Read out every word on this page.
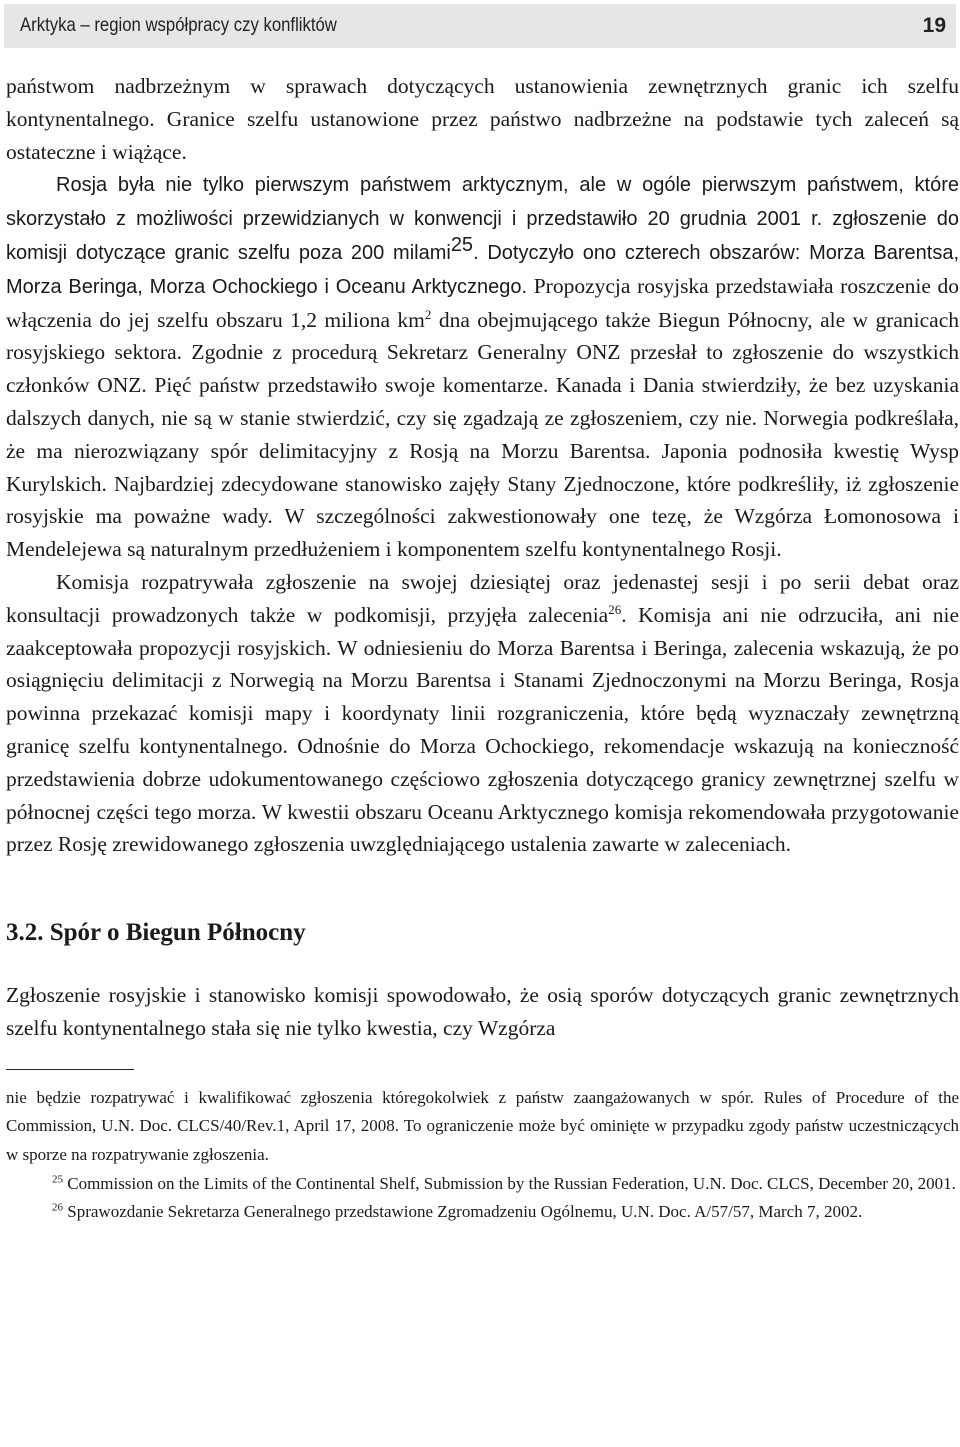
Arktyka – region współpracy czy konfliktów	19

państwom nadbrzeżnym w sprawach dotyczących ustanowienia zewnętrznych granic ich szelfu kontynentalnego. Granice szelfu ustanowione przez państwo nadbrzeżne na podstawie tych zaleceń są ostateczne i wiążące.

Rosja była nie tylko pierwszym państwem arktycznym, ale w ogóle pierwszym państwem, które skorzystało z możliwości przewidzianych w konwencji i przedstawiło 20 grudnia 2001 r. zgłoszenie do komisji dotyczące granic szelfu poza 200 milami$^{25}$. Dotyczyło ono czterech obszarów: Morza Barentsa, Morza Beringa, Morza Ochockiego i Oceanu Arktycznego. Propozycja rosyjska przedstawiała roszczenie do włączenia do jej szelfu obszaru 1,2 miliona $km^2$ dna obejmującego także Biegun Północny, ale w granicach rosyjskiego sektora. Zgodnie z procedurą Sekretarz Generalny ONZ przesłał to zgłoszenie do wszystkich członków ONZ. Pięć państw przedstawiło swoje komentarze. Kanada i Dania stwierdziły, że bez uzyskania dalszych danych, nie są w stanie stwierdzić, czy się zgadzają ze zgłoszeniem, czy nie. Norwegia podkreślała, że ma nierozwiązany spór delimitacyjny z Rosją na Morzu Barentsa. Japonia podnosiła kwestię Wysp Kurylskich. Najbardziej zdecydowane stanowisko zajęły Stany Zjednoczone, które podkreśliły, iż zgłoszenie rosyjskie ma poważne wady. W szczególności zakwestionowały one tezę, że Wzgórza Łomonosowa i Mendelejewa są naturalnym przedłużeniem i komponentem szelfu kontynentalnego Rosji.

Komisja rozpatrywała zgłoszenie na swojej dziesiątej oraz jedenastej sesji i po serii debat oraz konsultacji prowadzonych także w podkomisji, przyjęła zalecenia$^{26}$. Komisja ani nie odrzuciła, ani nie zaakceptowała propozycji rosyjskich. W odniesieniu do Morza Barentsa i Beringa, zalecenia wskazują, że po osiągnięciu delimitacji z Norwegią na Morzu Barentsa i Stanami Zjednoczonymi na Morzu Beringa, Rosja powinna przekazać komisji mapy i koordynaty linii rozgraniczenia, które będą wyznaczały zewnętrzną granicę szelfu kontynentalnego. Odnośnie do Morza Ochockiego, rekomendacje wskazują na konieczność przedstawienia dobrze udokumentowanego częściowo zgłoszenia dotyczącego granicy zewnętrznej szelfu w północnej części tego morza. W kwestii obszaru Oceanu Arktycznego komisja rekomendowała przygotowanie przez Rosję zrewidowanego zgłoszenia uwzględniającego ustalenia zawarte w zaleceniach.

3.2. Spór o Biegun Północny

Zgłoszenie rosyjskie i stanowisko komisji spowodowało, że osią sporów dotyczących granic zewnętrznych szelfu kontynentalnego stała się nie tylko kwestia, czy Wzgórza

nie będzie rozpatrywać i kwalifikować zgłoszenia któregokolwiek z państw zaangażowanych w spór. Rules of Procedure of the Commission, U.N. Doc. CLCS/40/Rev.1, April 17, 2008. To ograniczenie może być ominięte w przypadku zgody państw uczestniczących w sporze na rozpatrywanie zgłoszenia.

$^{25}$ Commission on the Limits of the Continental Shelf, Submission by the Russian Federation, U.N. Doc. CLCS, December 20, 2001.

$^{26}$ Sprawozdanie Sekretarza Generalnego przedstawione Zgromadzeniu Ogólnemu, U.N. Doc. A/57/57, March 7, 2002.
